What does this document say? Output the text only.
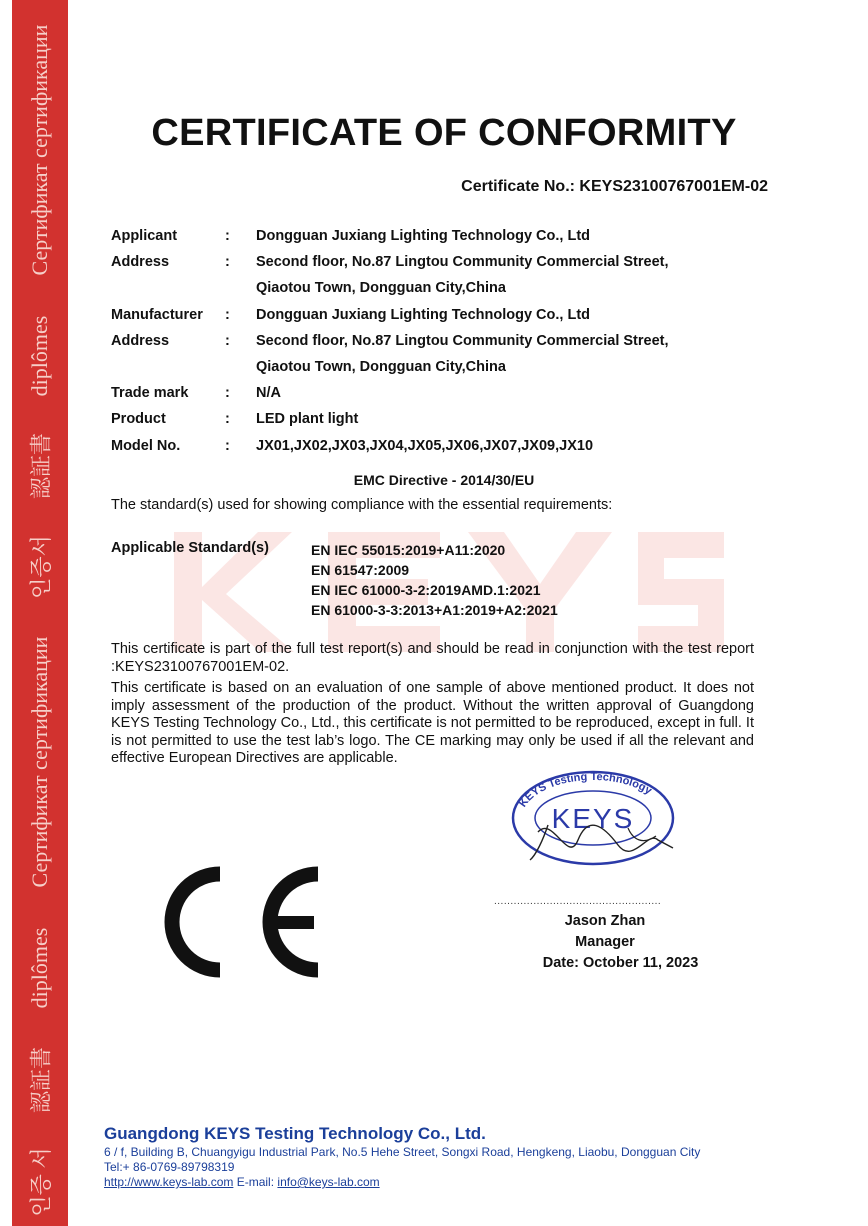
Сертификат сертификации
diplômes
認証書
인증서
Сертификат сертификации
diplômes
認証書
인증 서
CERTIFICATE OF CONFORMITY
Certificate No.: KEYS23100767001EM-02
Applicant	:	Dongguan Juxiang Lighting Technology Co., Ltd
Address	:	Second floor, No.87 Lingtou Community Commercial Street,
Qiaotou Town, Dongguan City,China
Manufacturer	:	Dongguan Juxiang Lighting Technology Co., Ltd
Address	:	Second floor, No.87 Lingtou Community Commercial Street,
Qiaotou Town, Dongguan City,China
Trade mark	:	N/A
Product	:	LED plant light
Model No.	:	JX01,JX02,JX03,JX04,JX05,JX06,JX07,JX09,JX10
EMC Directive - 2014/30/EU
The standard(s) used for showing compliance with the essential requirements:
Applicable Standard(s)	EN IEC 55015:2019+A11:2020
EN 61547:2009
EN IEC 61000-3-2:2019AMD.1:2021
EN 61000-3-3:2013+A1:2019+A2:2021
This certificate is part of the full test report(s) and should be read in conjunction with the test report :KEYS23100767001EM-02.
This certificate is based on an evaluation of one sample of above mentioned product. It does not imply assessment of the production of the product. Without the written approval of Guangdong KEYS Testing Technology Co., Ltd., this certificate is not permitted to be reproduced, except in full. It is not permitted to use the test lab’s logo. The CE marking may only be used if all the relevant and effective European Directives are applicable.
KEYS Testing Technology
KEYS
...................................................
Jason Zhan
Manager
Date: October 11, 2023
Guangdong KEYS Testing Technology Co., Ltd.
6 / f, Building B, Chuangyigu Industrial Park, No.5 Hehe Street, Songxi Road, Hengkeng, Liaobu, Dongguan City
Tel:+ 86-0769-89798319
http://www.keys-lab.com E-mail: info@keys-lab.com
